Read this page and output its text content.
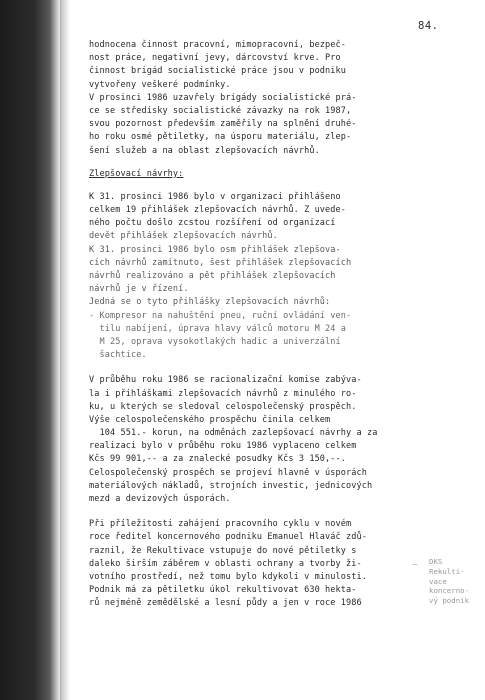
84.
hodnocena činnost pracovní, mimopracovní, bezpeč-
nost práce, negativní jevy, dárcovství krve. Pro
činnost brigád socialistické práce jsou v podniku
vytvořeny veškeré podmínky.
V prosinci 1986 uzavřely brigády socialistické prá-
ce se středisky socialistické závazky na rok 1987,
svou pozornost především zaměřily na splnění druhé-
ho roku osmé pětiletky, na úsporu materiálu, zlep-
šení služeb a na oblast zlepšovacích návrhů.
Zlepšovací návrhy:
K 31. prosinci 1986 bylo v organizaci přihlášeno
celkem 19 přihlášek zlepšovacích návrhů. Z uvede-
ného počtu došlo zcstou rozšíření od organizací
devět přihlášek zlepšovacích návrhů.
K 31. prosinci 1986 bylo osm přihlášek zlepšova-
cích návrhů zamítnuto, šest přihlášek zlepšovacích
návrhů realizováno a pět přihlášek zlepšovacích
návrhů je v řízení.
Jedná se o tyto přihlášky zlepšovacích návrhů:
- Kompresor na nahuštění pneu, ruční ovládání ven-
tilu nabíjení, úprava hlavy válců motoru M 24 a
M 25, oprava vysokotlakých hadic a univerzální
šachtice.
V průběhu roku 1986 se racionalizační komise zabýva-
la i přihláškami zlepšovacích návrhů z minulého ro-
ku, u kterých se sledoval celospolečenský prospěch.
Výše celospolečenského prospěchu činila celkem
104 551.- korun, na odměnách zazlepšovací návrhy a za
realizaci bylo v průběhu roku 1986 vyplaceno celkem
Kčs 99 901,-- a za znalecké posudky Kčs 3 150,--.
Celospolečenský prospěch se projeví hlavně v úsporách
materiálových nákladů, strojních investic, jednicových
mezd a devizových úsporách.
Při příležitosti zahájení pracovního cyklu v novém
roce ředitel koncernového podniku Emanuel Hlaváč zdů-
raznil, že Rekultivace vstupuje do nové pětiletky s
daleko širším záběrem v oblasti ochrany a tvorby ži-
votního prostředí, než tomu bylo kdykoli v minulosti.
Podnik má za pětiletku úkol rekultivovat 630 hekta-
rů nejméně zemědělské a lesní půdy a jen v roce 1986
_ DKS
Rekulti-
vace
koncerno-
vý podnik
